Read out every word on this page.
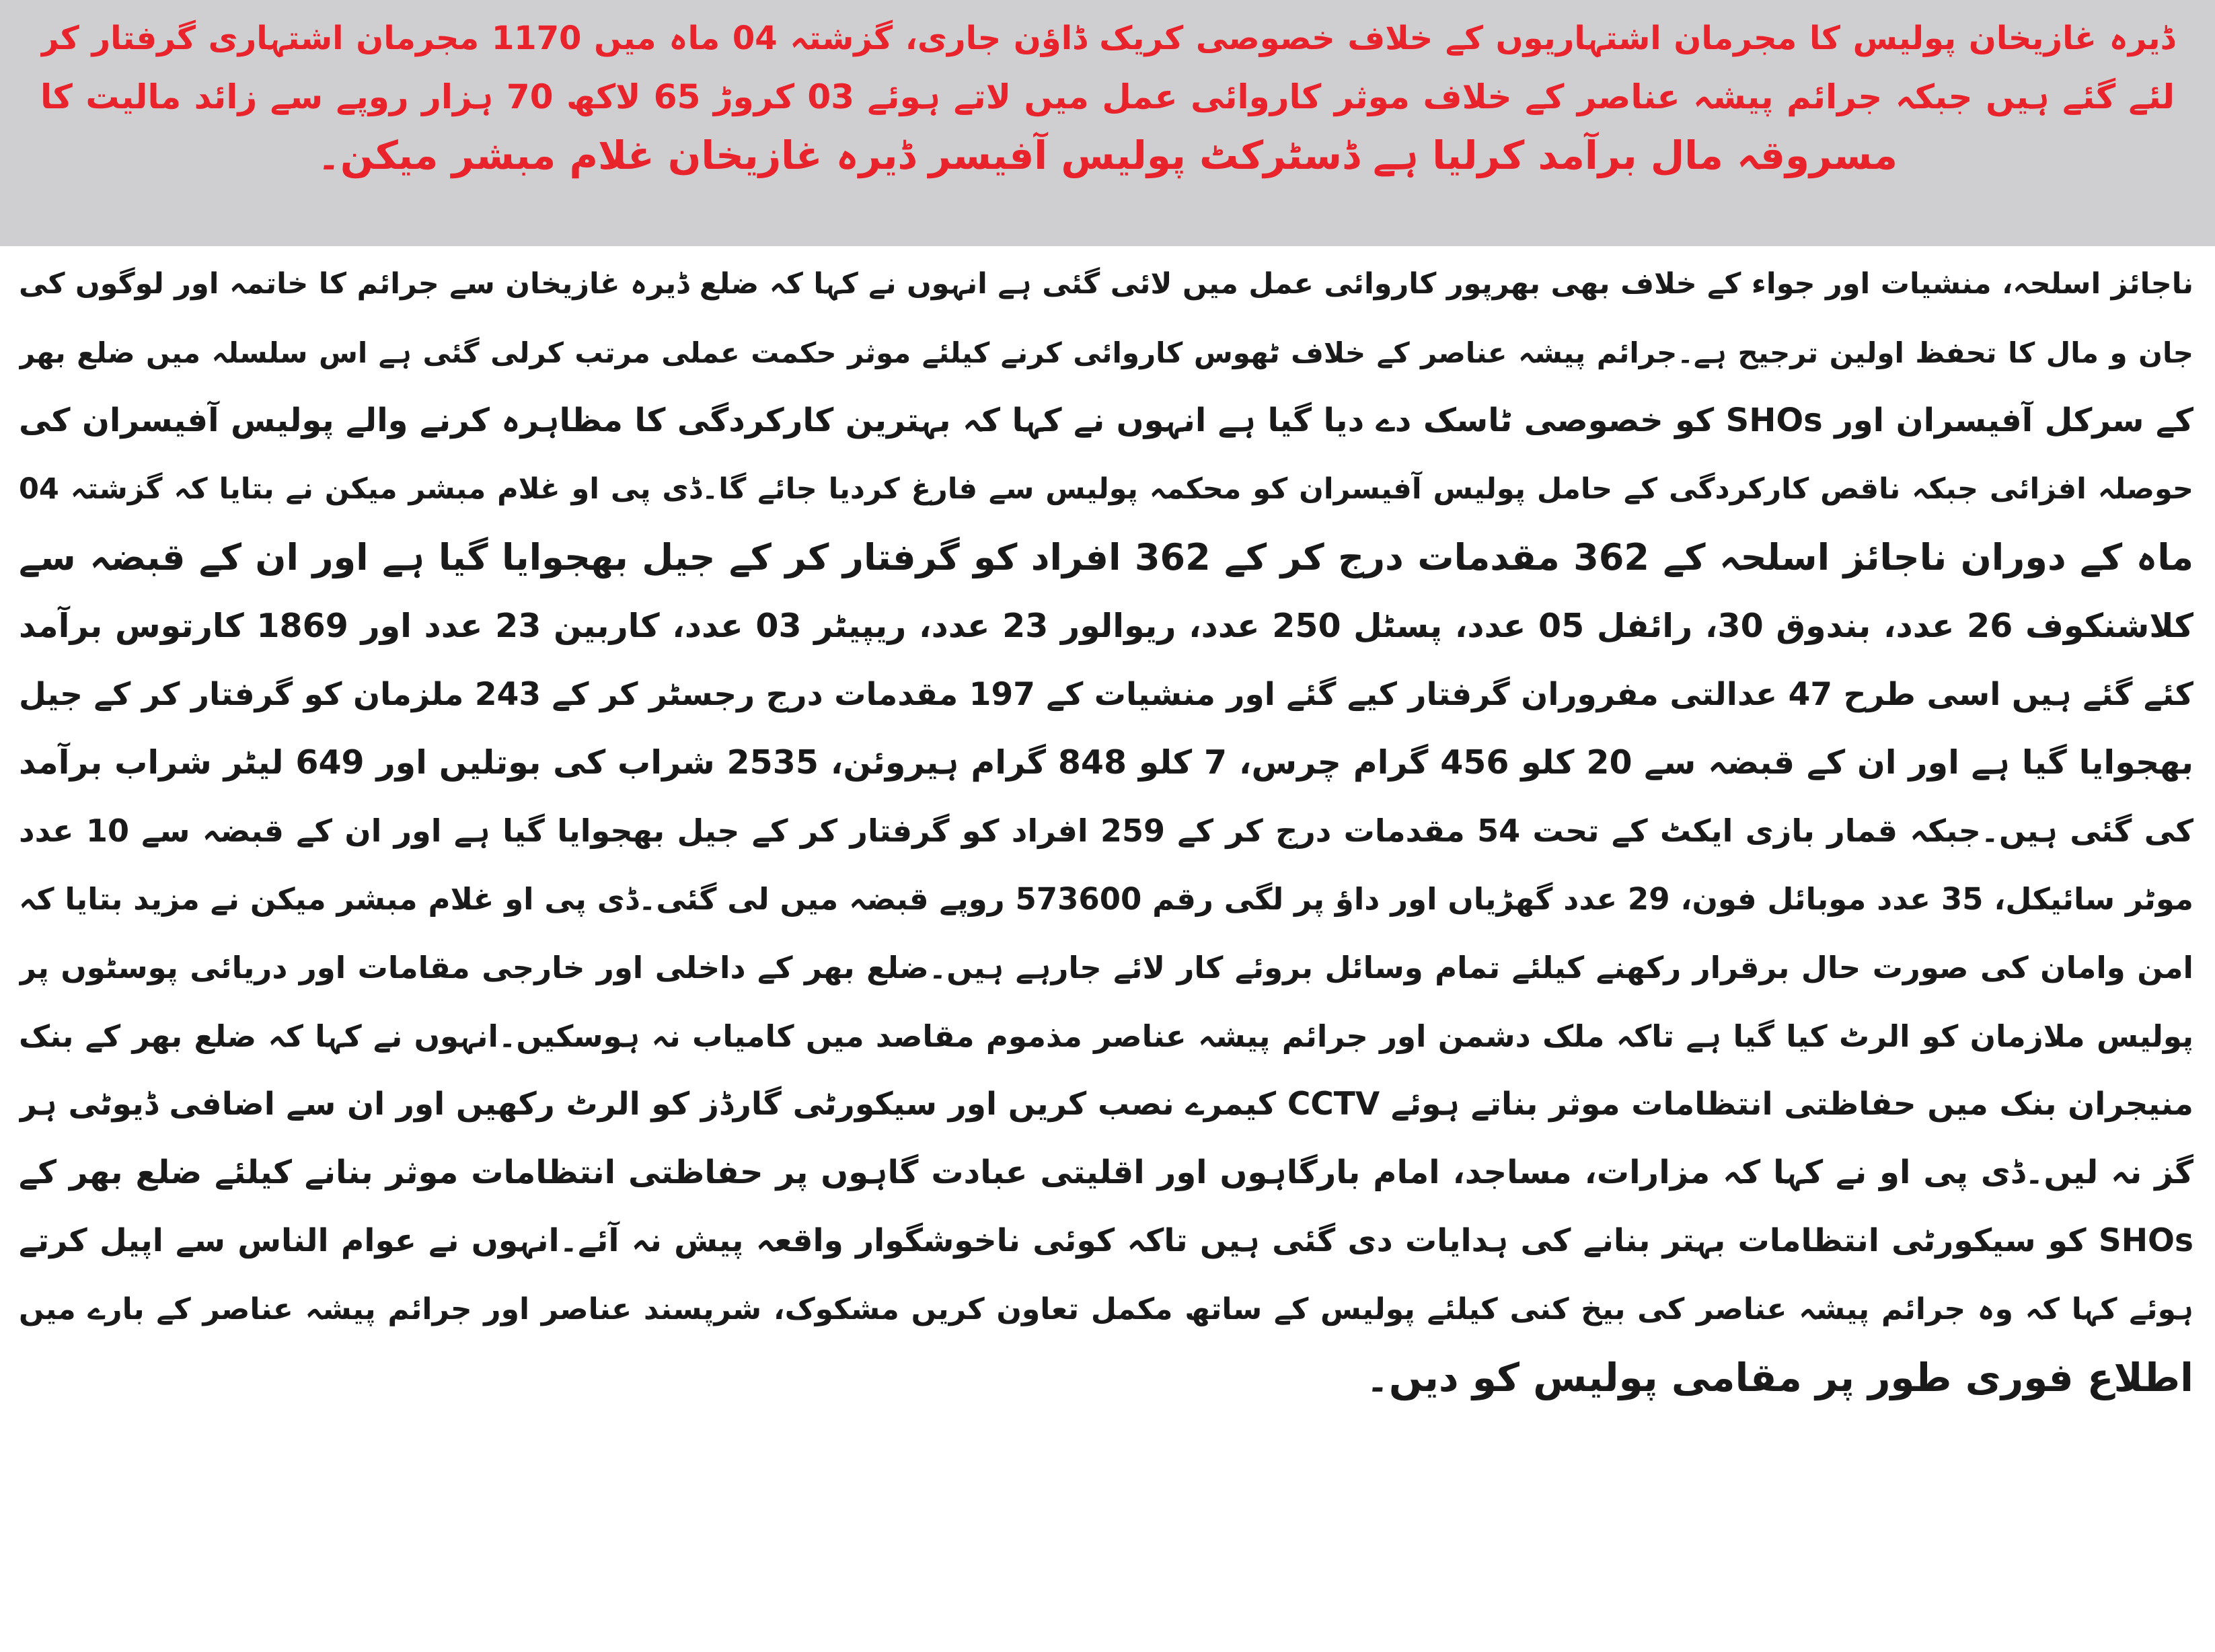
ڈیرہ غازیخان پولیس کا مجرمان اشتہاریوں کے خلاف خصوصی کریک ڈاؤن جاری، گزشتہ 04 ماہ میں 1170 مجرمان اشتہاری گرفتار کر
لئے گئے ہیں جبکہ جرائم پیشہ عناصر کے خلاف موثر کاروائی عمل میں لاتے ہوئے 03 کروڑ 65 لاکھ 70 ہزار روپے سے زائد مالیت کا
مسروقہ مال برآمد کرلیا ہے ڈسٹرکٹ پولیس آفیسر ڈیرہ غازیخان غلام مبشر میکن۔
ناجائز اسلحہ، منشیات اور جواء کے خلاف بھی بھرپور کاروائی عمل میں لائی گئی ہے انہوں نے کہا کہ ضلع ڈیرہ غازیخان سے جرائم کا خاتمہ اور لوگوں کی
جان و مال کا تحفظ اولین ترجیح ہے۔جرائم پیشہ عناصر کے خلاف ٹھوس کاروائی کرنے کیلئے موثر حکمت عملی مرتب کرلی گئی ہے اس سلسلہ میں ضلع بھر
کے سرکل آفیسران اور SHOs کو خصوصی ٹاسک دے دیا گیا ہے انہوں نے کہا کہ بہترین کارکردگی کا مظاہرہ کرنے والے پولیس آفیسران کی
حوصلہ افزائی جبکہ ناقص کارکردگی کے حامل پولیس آفیسران کو محکمہ پولیس سے فارغ کردیا جائے گا۔ڈی پی او غلام مبشر میکن نے بتایا کہ گزشتہ 04
ماہ کے دوران ناجائز اسلحہ کے 362 مقدمات درج کر کے 362 افراد کو گرفتار کر کے جیل بھجوایا گیا ہے اور ان کے قبضہ سے
کلاشنکوف 26 عدد، بندوق 30، رائفل 05 عدد، پسٹل 250 عدد، ریوالور 23 عدد، ریپیٹر 03 عدد، کاربین 23 عدد اور 1869 کارتوس برآمد
کئے گئے ہیں اسی طرح 47 عدالتی مفروران گرفتار کیے گئے اور منشیات کے 197 مقدمات درج رجسٹر کر کے 243 ملزمان کو گرفتار کر کے جیل
بھجوایا گیا ہے اور ان کے قبضہ سے 20 کلو 456 گرام چرس، 7 کلو 848 گرام ہیروئن، 2535 شراب کی بوتلیں اور 649 لیٹر شراب برآمد
کی گئی ہیں۔جبکہ قمار بازی ایکٹ کے تحت 54 مقدمات درج کر کے 259 افراد کو گرفتار کر کے جیل بھجوایا گیا ہے اور ان کے قبضہ سے 10 عدد
موٹر سائیکل، 35 عدد موبائل فون، 29 عدد گھڑیاں اور داؤ پر لگی رقم 573600 روپے قبضہ میں لی گئی۔ڈی پی او غلام مبشر میکن نے مزید بتایا کہ
امن وامان کی صورت حال برقرار رکھنے کیلئے تمام وسائل بروئے کار لائے جارہے ہیں۔ضلع بھر کے داخلی اور خارجی مقامات اور دریائی پوسٹوں پر
پولیس ملازمان کو الرٹ کیا گیا ہے تاکہ ملک دشمن اور جرائم پیشہ عناصر مذموم مقاصد میں کامیاب نہ ہوسکیں۔انہوں نے کہا کہ ضلع بھر کے بنک
منیجران بنک میں حفاظتی انتظامات موثر بناتے ہوئے CCTV کیمرے نصب کریں اور سیکورٹی گارڈز کو الرٹ رکھیں اور ان سے اضافی ڈیوٹی ہر
گز نہ لیں۔ڈی پی او نے کہا کہ مزارات، مساجد، امام بارگاہوں اور اقلیتی عبادت گاہوں پر حفاظتی انتظامات موثر بنانے کیلئے ضلع بھر کے
SHOs کو سیکورٹی انتظامات بہتر بنانے کی ہدایات دی گئی ہیں تاکہ کوئی ناخوشگوار واقعہ پیش نہ آئے۔انہوں نے عوام الناس سے اپیل کرتے
ہوئے کہا کہ وہ جرائم پیشہ عناصر کی بیخ کنی کیلئے پولیس کے ساتھ مکمل تعاون کریں مشکوک، شرپسند عناصر اور جرائم پیشہ عناصر کے بارے میں
اطلاع فوری طور پر مقامی پولیس کو دیں۔
